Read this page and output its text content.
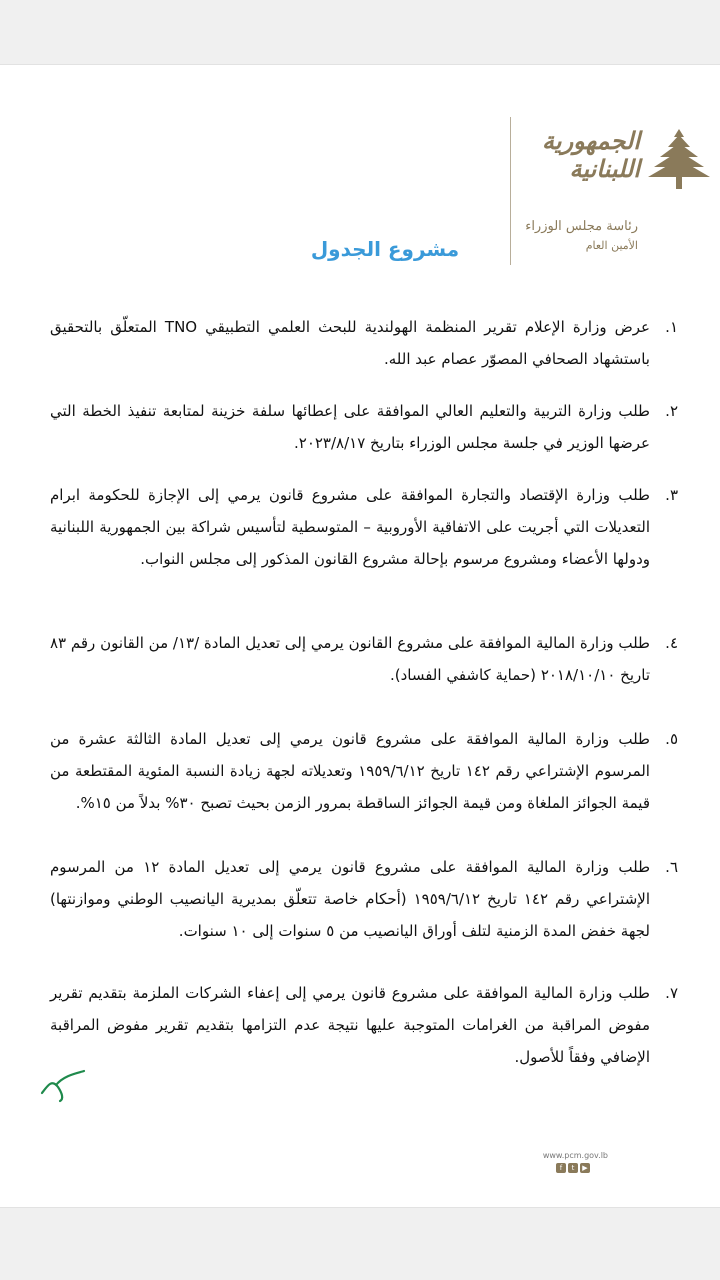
الجمهورية اللبنانية
رئاسة مجلس الوزراء
الأمين العام
مشروع الجدول
١.
عرض وزارة الإعلام تقرير المنظمة الهولندية للبحث العلمي التطبيقي TNO المتعلّق بالتحقيق باستشهاد الصحافي المصوّر عصام عبد الله.
٢.
طلب وزارة التربية والتعليم العالي الموافقة على إعطائها سلفة خزينة لمتابعة تنفيذ الخطة التي عرضها الوزير في جلسة مجلس الوزراء بتاريخ ٢٠٢٣/٨/١٧.
٣.
طلب وزارة الإقتصاد والتجارة الموافقة على مشروع قانون يرمي إلى الإجازة للحكومة ابرام التعديلات التي أجريت على الاتفاقية الأوروبية – المتوسطية لتأسيس شراكة بين الجمهورية اللبنانية ودولها الأعضاء ومشروع مرسوم بإحالة مشروع القانون المذكور إلى مجلس النواب.
٤.
طلب وزارة المالية الموافقة على مشروع القانون يرمي إلى تعديل المادة /١٣/ من القانون رقم ٨٣ تاريخ ٢٠١٨/١٠/١٠ (حماية كاشفي الفساد).
٥.
طلب وزارة المالية الموافقة على مشروع قانون يرمي إلى تعديل المادة الثالثة عشرة من المرسوم الإشتراعي رقم ١٤٢ تاريخ ١٩٥٩/٦/١٢ وتعديلاته لجهة زيادة النسبة المئوية المقتطعة من قيمة الجوائز الملغاة ومن قيمة الجوائز الساقطة بمرور الزمن بحيث تصبح ٣٠% بدلاً من ١٥%.
٦.
طلب وزارة المالية الموافقة على مشروع قانون يرمي إلى تعديل المادة ١٢ من المرسوم الإشتراعي رقم ١٤٢ تاريخ ١٩٥٩/٦/١٢ (أحكام خاصة تتعلّق بمديرية اليانصيب الوطني وموازنتها) لجهة خفض المدة الزمنية لتلف أوراق اليانصيب من ٥ سنوات إلى ١٠ سنوات.
٧.
طلب وزارة المالية الموافقة على مشروع قانون يرمي إلى إعفاء الشركات الملزمة بتقديم تقرير مفوض المراقبة من الغرامات المتوجبة عليها نتيجة عدم التزامها بتقديم تقرير مفوض المراقبة الإضافي وفقاً للأصول.
www.pcm.gov.lb
f	t	▶
